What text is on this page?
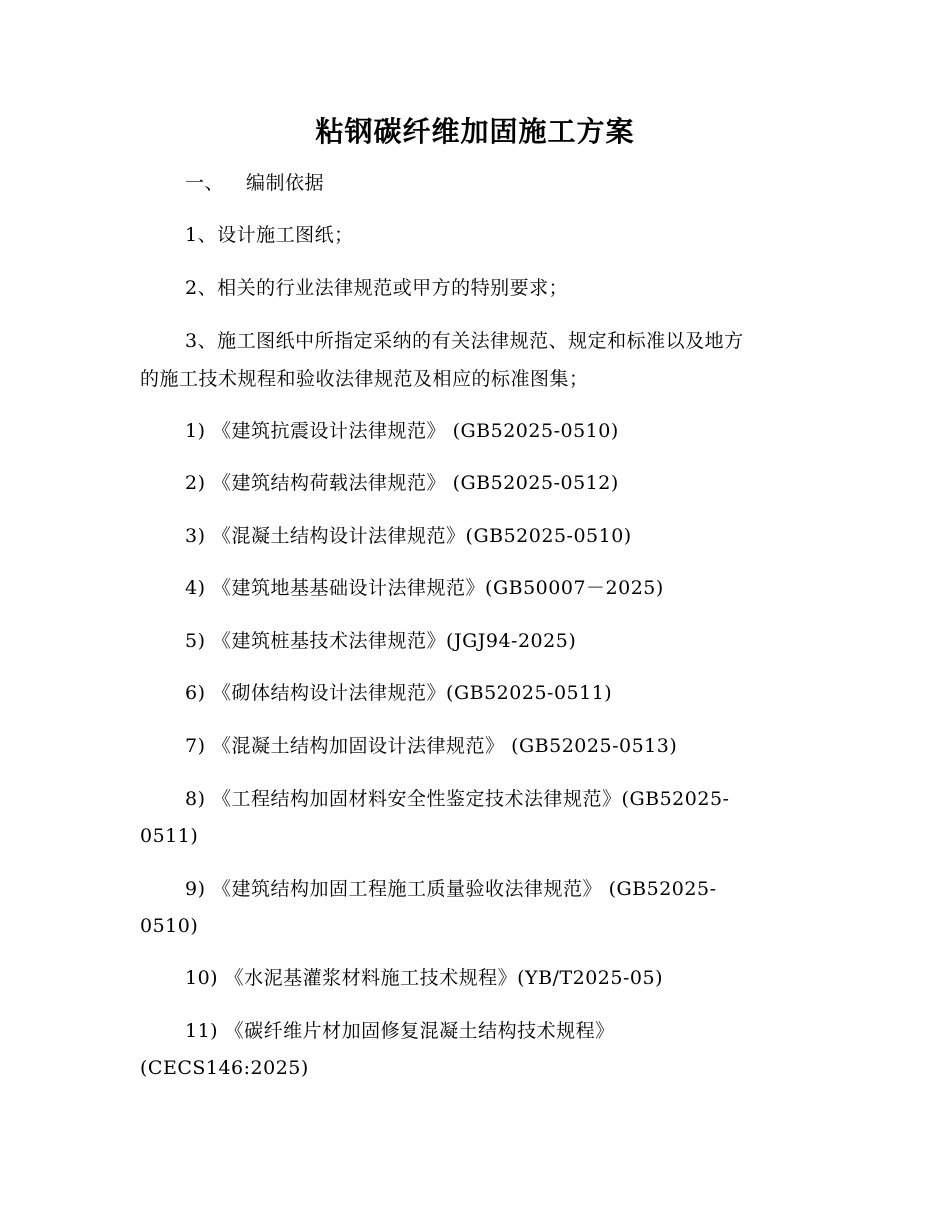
粘钢碳纤维加固施工方案
一、 编制依据
1、设计施工图纸；
2、相关的行业法律规范或甲方的特别要求；
3、施工图纸中所指定采纳的有关法律规范、规定和标准以及地方
的施工技术规程和验收法律规范及相应的标准图集；
1) 《建筑抗震设计法律规范》 (GB52025-0510)
2) 《建筑结构荷载法律规范》 (GB52025-0512)
3) 《混凝土结构设计法律规范》(GB52025-0510)
4) 《建筑地基基础设计法律规范》(GB50007－2025)
5) 《建筑桩基技术法律规范》(JGJ94-2025)
6) 《砌体结构设计法律规范》(GB52025-0511)
7) 《混凝土结构加固设计法律规范》 (GB52025-0513)
8) 《工程结构加固材料安全性鉴定技术法律规范》(GB52025-
0511)
9) 《建筑结构加固工程施工质量验收法律规范》 (GB52025-
0510)
10) 《水泥基灌浆材料施工技术规程》(YB/T2025-05)
11) 《碳纤维片材加固修复混凝土结构技术规程》
(CECS146:2025)
